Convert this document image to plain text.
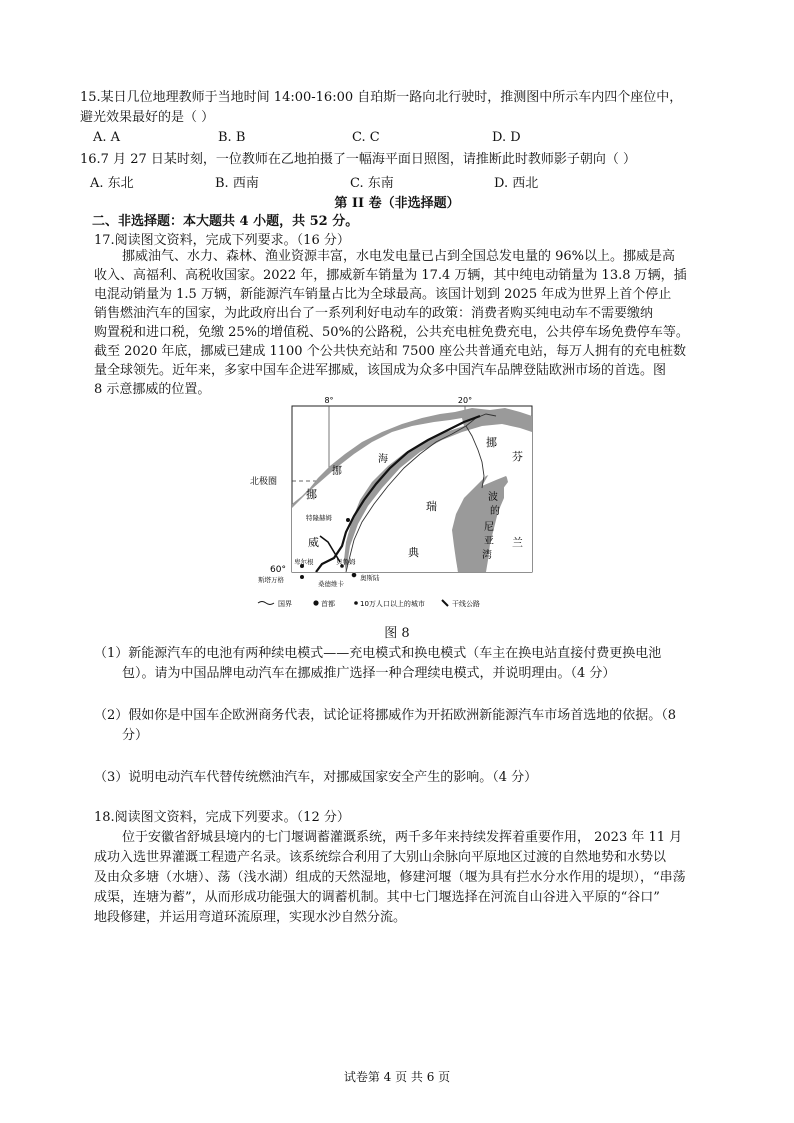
15.某日几位地理教师于当地时间 14:00-16:00 自珀斯一路向北行驶时，推测图中所示车内四个座位中，
避光效果最好的是（ ）
A. A	B. B	C. C	D. D
16.7 月 27 日某时刻，一位教师在乙地拍摄了一幅海平面日照图，请推断此时教师影子朝向（ ）
A. 东北	B. 西南	C. 东南	D. 西北
第 II 卷（非选择题）
二、非选择题：本大题共 4 小题，共 52 分。
17.阅读图文资料，完成下列要求。（16 分）
挪威油气、水力、森林、渔业资源丰富，水电发电量已占到全国总发电量的 96%以上。挪威是高
收入、高福利、高税收国家。2022 年，挪威新车销量为 17.4 万辆，其中纯电动销量为 13.8 万辆，插
电混动销量为 1.5 万辆，新能源汽车销量占比为全球最高。该国计划到 2025 年成为世界上首个停止
销售燃油汽车的国家，为此政府出台了一系列利好电动车的政策：消费者购买纯电动车不需要缴纳
购置税和进口税，免缴 25%的增值税、50%的公路税，公共充电桩免费充电，公共停车场免费停车等。
截至 2020 年底，挪威已建成 1100 个公共快充站和 7500 座公共普通充电站，每万人拥有的充电桩数
量全球领先。近年来，多家中国车企进军挪威，该国成为众多中国汽车品牌登陆欧洲市场的首选。图
8 示意挪威的位置。
8°	20°
北极圈
60°
挪
威
海
挪
威
瑞
典
芬
波
的
尼
亚
湾
兰
挪
特隆赫姆
卑尔根
斯塔万格	奥斯陆
贝鲁姆
桑德维卡
国界	首都	10万人口以上的城市	干线公路
图 8
（1）新能源汽车的电池有两种续电模式——充电模式和换电模式（车主在换电站直接付费更换电池
包）。请为中国品牌电动汽车在挪威推广选择一种合理续电模式，并说明理由。（4 分）
（2）假如你是中国车企欧洲商务代表，试论证将挪威作为开拓欧洲新能源汽车市场首选地的依据。（8
分）
（3）说明电动汽车代替传统燃油汽车，对挪威国家安全产生的影响。（4 分）
18.阅读图文资料，完成下列要求。（12 分）
位于安徽省舒城县境内的七门堰调蓄灌溉系统，两千多年来持续发挥着重要作用， 2023 年 11 月
成功入选世界灌溉工程遗产名录。该系统综合利用了大别山余脉向平原地区过渡的自然地势和水势以
及由众多塘（水塘）、荡（浅水湖）组成的天然湿地，修建河堰（堰为具有拦水分水作用的堤坝），“串荡
成渠，连塘为蓄”，从而形成功能强大的调蓄机制。其中七门堰选择在河流自山谷进入平原的“谷口”
地段修建，并运用弯道环流原理，实现水沙自然分流。
试卷第 4 页 共 6 页
